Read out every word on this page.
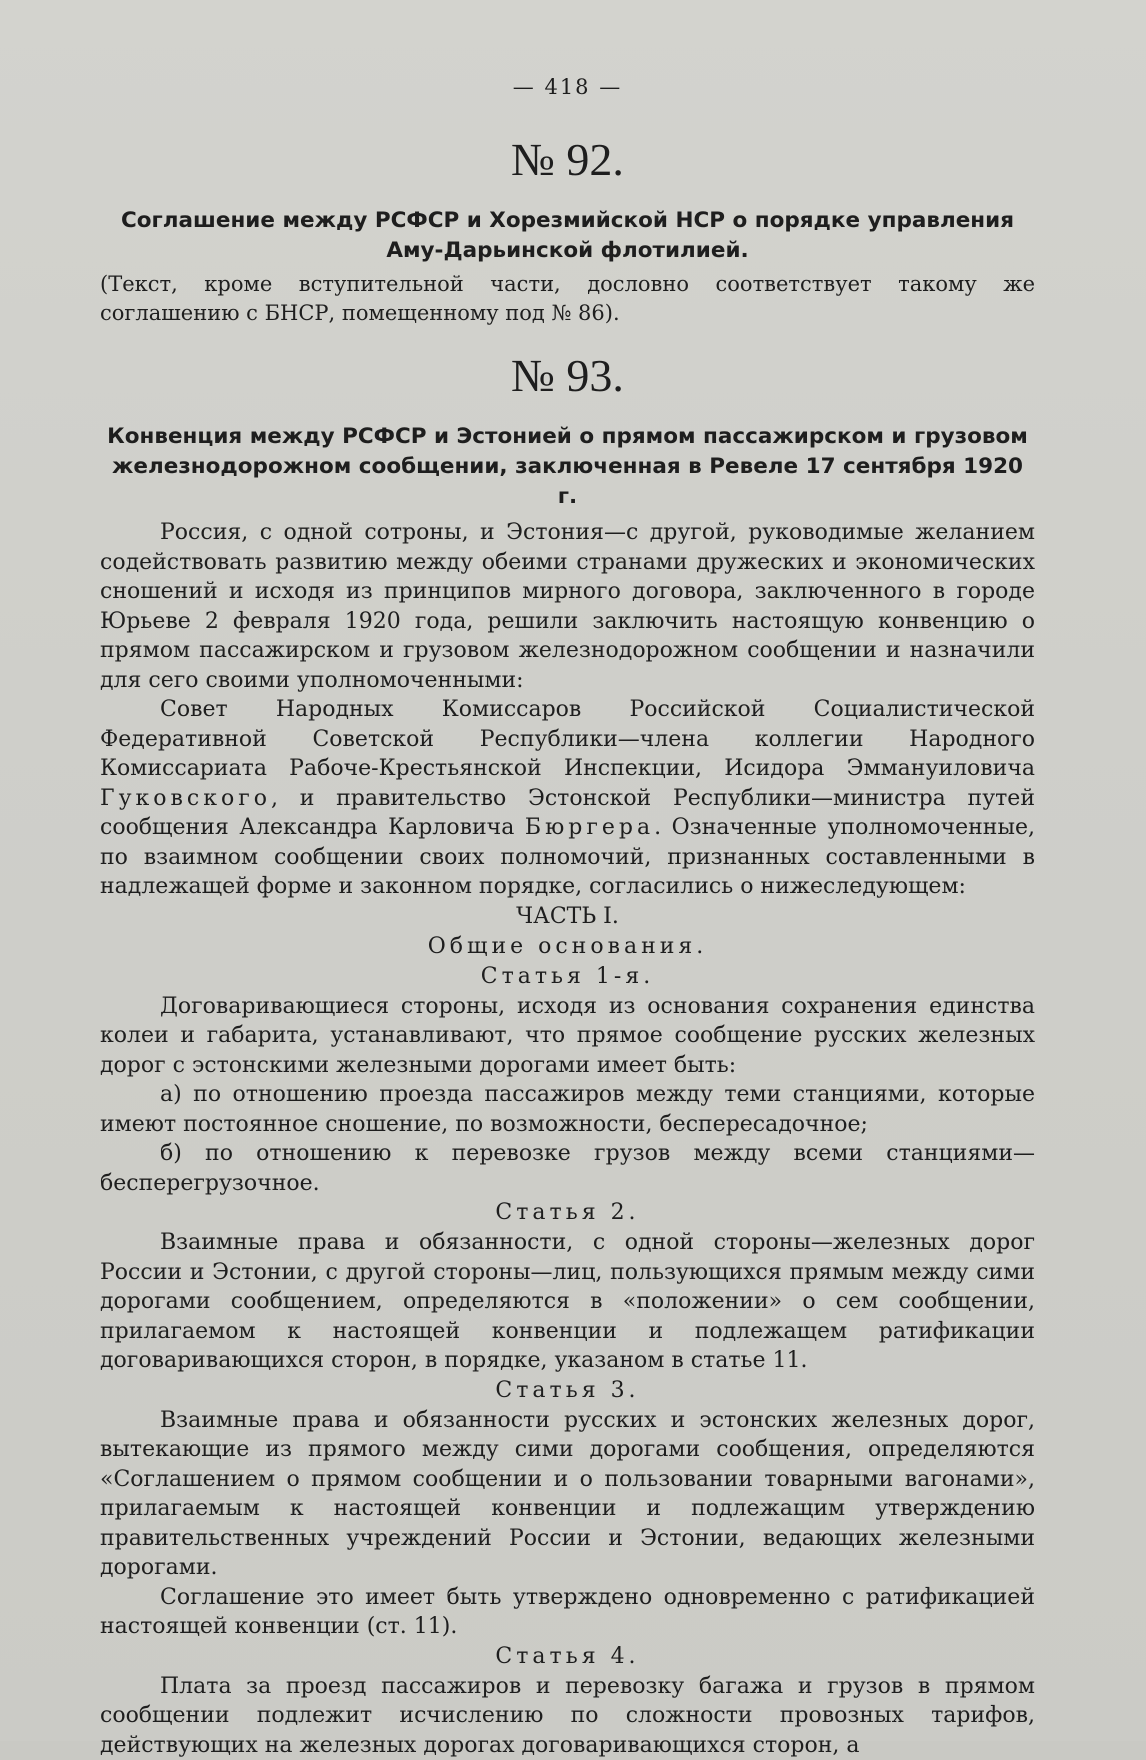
— 418 —
№ 92.

Соглашение между РСФСР и Хорезмийской НСР о порядке управления Аму-Дарьинской флотилией.

(Текст, кроме вступительной части, дословно соответствует такому же соглашению с БНСР, помещенному под № 86).

№ 93.

Конвенция между РСФСР и Эстонией о прямом пассажирском и грузовом железнодорожном сообщении, заключенная в Ревеле 17 сентября 1920 г.

Россия, с одной сотроны, и Эстония—с другой, руководимые желанием содействовать развитию между обеими странами дружеских и экономических сношений и исходя из принципов мирного договора, заключенного в городе Юрьеве 2 февраля 1920 года, решили заключить настоящую конвенцию о прямом пассажирском и грузовом железнодорожном сообщении и назначили для сего своими уполномоченными:

Совет Народных Комиссаров Российской Социалистической Федеративной Советской Республики—члена коллегии Народного Комиссариата Рабоче-Крестьянской Инспекции, Исидора Эммануиловича Гуковского, и правительство Эстонской Республики—министра путей сообщения Александра Карловича Бюргера. Означенные уполномоченные, по взаимном сообщении своих полномочий, признанных составленными в надлежащей форме и законном порядке, согласились о нижеследующем:

ЧАСТЬ I.

Общие основания.

Статья 1-я.

Договаривающиеся стороны, исходя из основания сохранения единства колеи и габарита, устанавливают, что прямое сообщение русских железных дорог с эстонскими железными дорогами имеет быть:

а) по отношению проезда пассажиров между теми станциями, которые имеют постоянное сношение, по возможности, беспересадочное;

б) по отношению к перевозке грузов между всеми станциями—бесперегрузочное.

Статья 2.

Взаимные права и обязанности, с одной стороны—железных дорог России и Эстонии, с другой стороны—лиц, пользующихся прямым между сими дорогами сообщением, определяются в «положении» о сем сообщении, прилагаемом к настоящей конвенции и подлежащем ратификации договаривающихся сторон, в порядке, указаном в статье 11.

Статья 3.

Взаимные права и обязанности русских и эстонских железных дорог, вытекающие из прямого между сими дорогами сообщения, определяются «Соглашением о прямом сообщении и о пользовании товарными вагонами», прилагаемым к настоящей конвенции и подлежащим утверждению правительственных учреждений России и Эстонии, ведающих железными дорогами.

Соглашение это имеет быть утверждено одновременно с ратификацией настоящей конвенции (ст. 11).

Статья 4.

Плата за проезд пассажиров и перевозку багажа и грузов в прямом сообщении подлежит исчислению по сложности провозных тарифов, действующих на железных дорогах договаривающихся сторон, а
